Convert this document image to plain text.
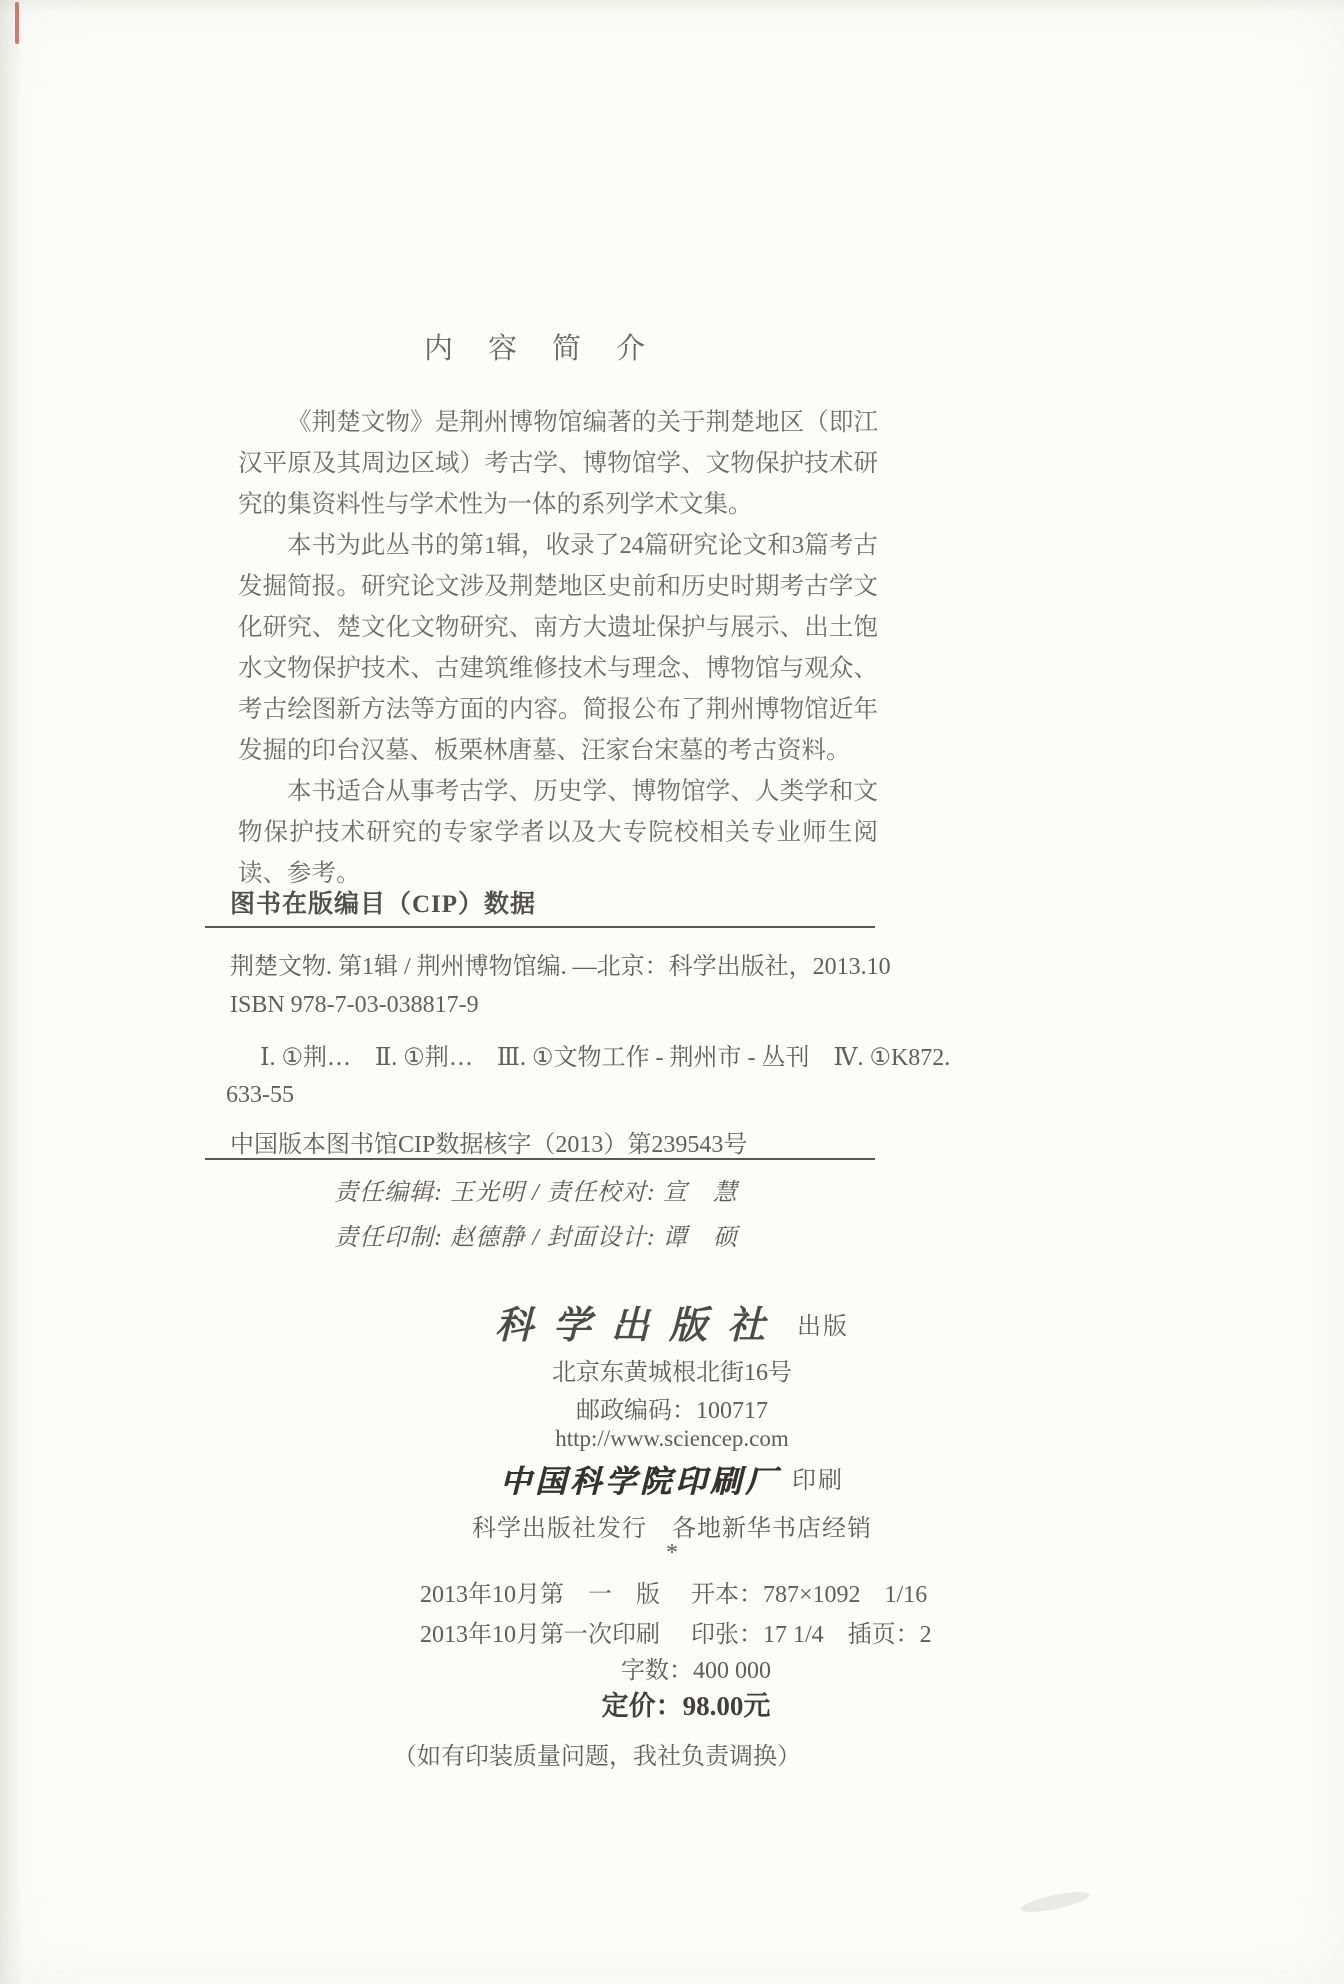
内　容　简　介

《荆楚文物》是荆州博物馆编著的关于荆楚地区（即江汉平原及其周边区域）考古学、博物馆学、文物保护技术研究的集资料性与学术性为一体的系列学术文集。

本书为此丛书的第1辑，收录了24篇研究论文和3篇考古发掘简报。研究论文涉及荆楚地区史前和历史时期考古学文化研究、楚文化文物研究、南方大遗址保护与展示、出土饱水文物保护技术、古建筑维修技术与理念、博物馆与观众、考古绘图新方法等方面的内容。简报公布了荆州博物馆近年发掘的印台汉墓、板栗林唐墓、汪家台宋墓的考古资料。

本书适合从事考古学、历史学、博物馆学、人类学和文物保护技术研究的专家学者以及大专院校相关专业师生阅读、参考。

图书在版编目（CIP）数据
荆楚文物. 第1辑 / 荆州博物馆编. —北京：科学出版社，2013.10
ISBN 978-7-03-038817-9
Ⅰ. ①荆…　Ⅱ. ①荆…　Ⅲ. ①文物工作 - 荆州市 - 丛刊　Ⅳ. ①K872.
633-55
中国版本图书馆CIP数据核字（2013）第239543号
责任编辑: 王光明 / 责任校对: 宣　慧
责任印制: 赵德静 / 封面设计: 谭　硕
科学出版社 出版
北京东黄城根北街16号
邮政编码：100717
http://www.sciencep.com
中国科学院印刷厂 印刷
科学出版社发行　各地新华书店经销
*
2013年10月第　一　版 开本：787×1092　1/16
2013年10月第一次印刷 印张：17 1/4　插页：2
字数：400 000
定价：98.00元
（如有印装质量问题，我社负责调换）
